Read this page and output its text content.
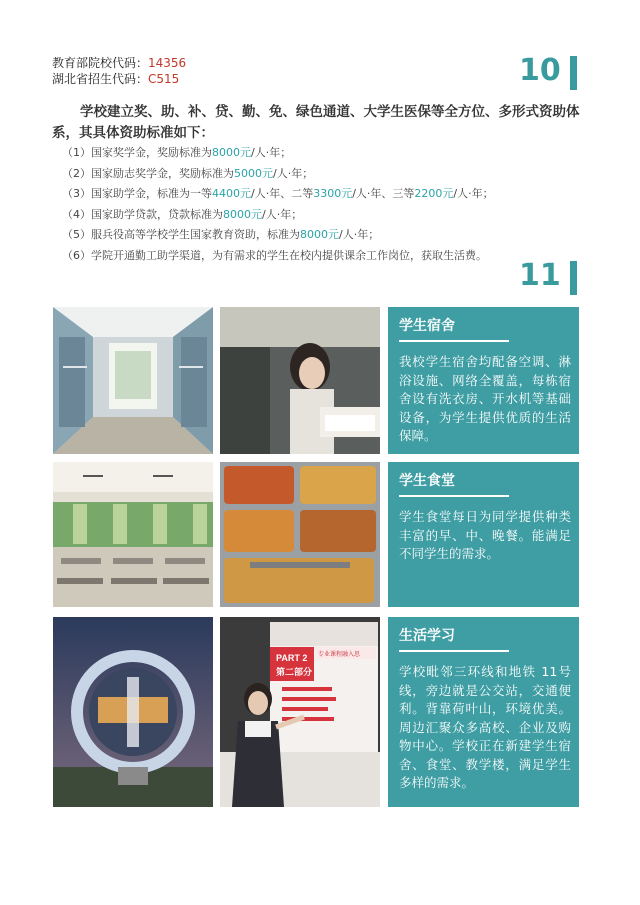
教育部院校代码：14356
湖北省招生代码：C515	10
学校建立奖、助、补、贷、勤、免、绿色通道、大学生医保等全方位、多形式资助体系，其具体资助标准如下：
（1）国家奖学金，奖励标准为8000元/人·年；
（2）国家励志奖学金，奖励标准为5000元/人·年；
（3）国家助学金，标准为一等4400元/人·年、二等3300元/人·年、三等2200元/人·年；
（4）国家助学贷款，贷款标准为8000元/人·年；
（5）服兵役高等学校学生国家教育资助，标准为8000元/人·年；
（6）学院开通勤工助学渠道，为有需求的学生在校内提供课余工作岗位，获取生活费。
11
学生宿舍
我校学生宿舍均配备空调、淋浴设施、网络全覆盖，每栋宿舍设有洗衣房、开水机等基础设备，为学生提供优质的生活保障。
学生食堂
学生食堂每日为同学提供种类丰富的早、中、晚餐。能满足不同学生的需求。
PART 2
第二部分
专业课程融入思
生活学习
学校毗邻三环线和地铁 11号线，旁边就是公交站，交通便利。背靠荷叶山，环境优美。周边汇聚众多高校、企业及购物中心。学校正在新建学生宿舍、食堂、教学楼，满足学生多样的需求。
